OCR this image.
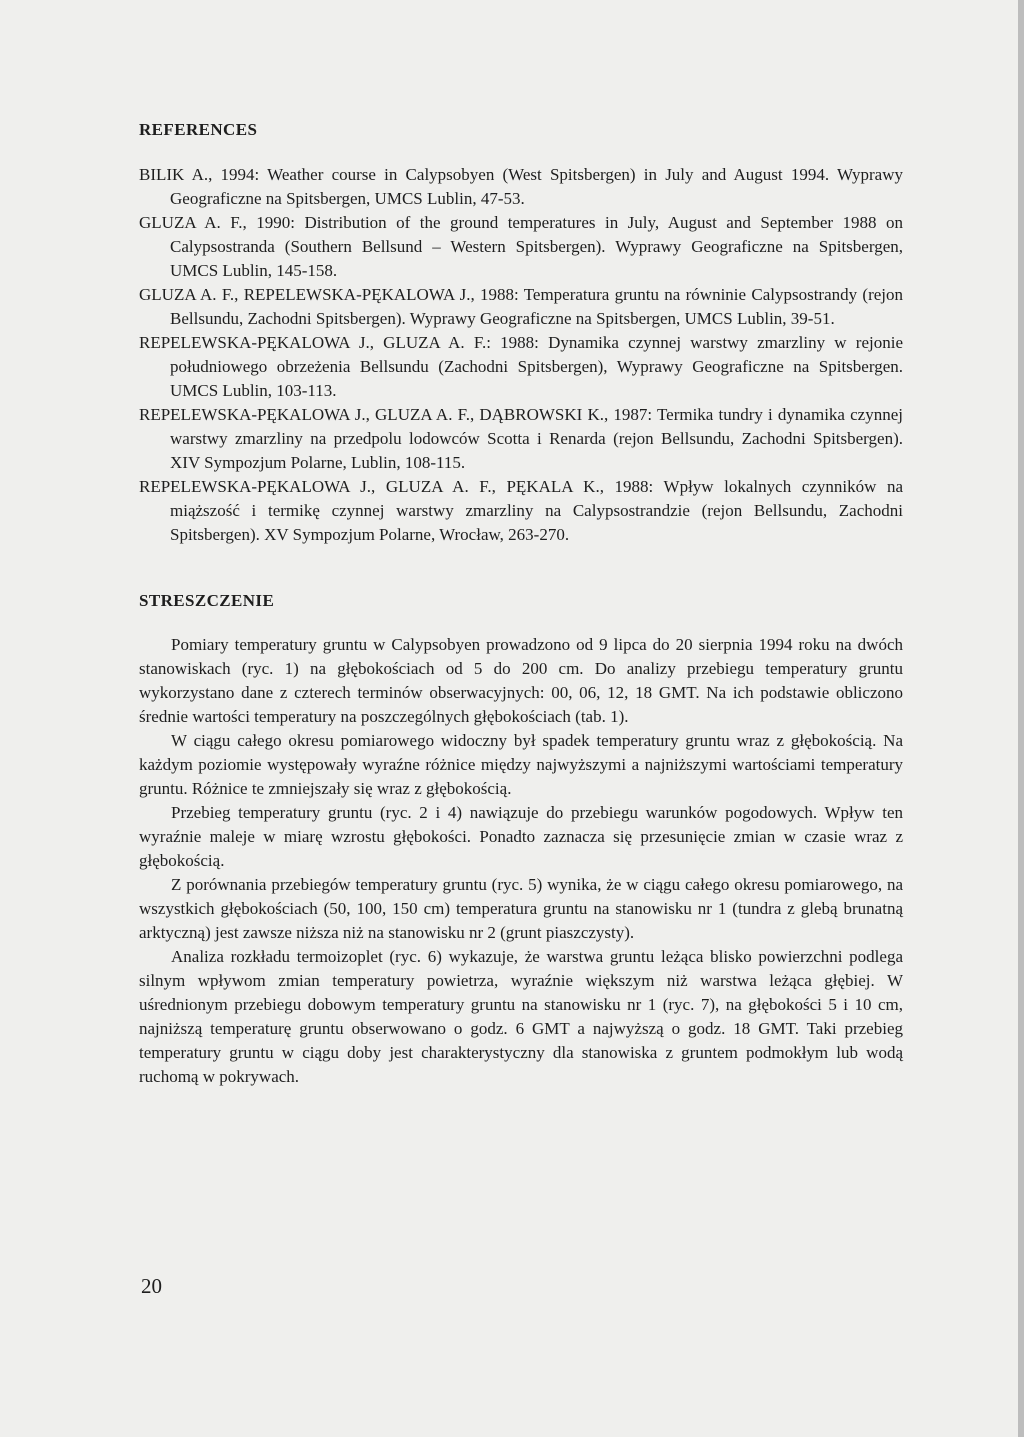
REFERENCES

BILIK A., 1994: Weather course in Calypsobyen (West Spitsbergen) in July and August 1994. Wyprawy Geograficzne na Spitsbergen, UMCS Lublin, 47-53.

GLUZA A. F., 1990: Distribution of the ground temperatures in July, August and September 1988 on Calypsostranda (Southern Bellsund – Western Spitsbergen). Wyprawy Geograficzne na Spitsbergen, UMCS Lublin, 145-158.

GLUZA A. F., REPELEWSKA-PĘKALOWA J., 1988: Temperatura gruntu na równinie Calypsostrandy (rejon Bellsundu, Zachodni Spitsbergen). Wyprawy Geograficzne na Spitsbergen, UMCS Lublin, 39-51.

REPELEWSKA-PĘKALOWA J., GLUZA A. F.: 1988: Dynamika czynnej warstwy zmarzliny w rejonie południowego obrzeżenia Bellsundu (Zachodni Spitsbergen), Wyprawy Geograficzne na Spitsbergen. UMCS Lublin, 103-113.

REPELEWSKA-PĘKALOWA J., GLUZA A. F., DĄBROWSKI K., 1987: Termika tundry i dynamika czynnej warstwy zmarzliny na przedpolu lodowców Scotta i Renarda (rejon Bellsundu, Zachodni Spitsbergen). XIV Sympozjum Polarne, Lublin, 108-115.

REPELEWSKA-PĘKALOWA J., GLUZA A. F., PĘKALA K., 1988: Wpływ lokalnych czynników na miąższość i termikę czynnej warstwy zmarzliny na Calypsostrandzie (rejon Bellsundu, Zachodni Spitsbergen). XV Sympozjum Polarne, Wrocław, 263-270.

STRESZCZENIE

Pomiary temperatury gruntu w Calypsobyen prowadzono od 9 lipca do 20 sierpnia 1994 roku na dwóch stanowiskach (ryc. 1) na głębokościach od 5 do 200 cm. Do analizy przebiegu temperatury gruntu wykorzystano dane z czterech terminów obserwacyjnych: 00, 06, 12, 18 GMT. Na ich podstawie obliczono średnie wartości temperatury na poszczególnych głębokościach (tab. 1).

W ciągu całego okresu pomiarowego widoczny był spadek temperatury gruntu wraz z głębokością. Na każdym poziomie występowały wyraźne różnice między najwyższymi a najniższymi wartościami temperatury gruntu. Różnice te zmniejszały się wraz z głębokością.

Przebieg temperatury gruntu (ryc. 2 i 4) nawiązuje do przebiegu warunków pogodowych. Wpływ ten wyraźnie maleje w miarę wzrostu głębokości. Ponadto zaznacza się przesunięcie zmian w czasie wraz z głębokością.

Z porównania przebiegów temperatury gruntu (ryc. 5) wynika, że w ciągu całego okresu pomiarowego, na wszystkich głębokościach (50, 100, 150 cm) temperatura gruntu na stanowisku nr 1 (tundra z glebą brunatną arktyczną) jest zawsze niższa niż na stanowisku nr 2 (grunt piaszczysty).

Analiza rozkładu termoizoplet (ryc. 6) wykazuje, że warstwa gruntu leżąca blisko powierzchni podlega silnym wpływom zmian temperatury powietrza, wyraźnie większym niż warstwa leżąca głębiej. W uśrednionym przebiegu dobowym temperatury gruntu na stanowisku nr 1 (ryc. 7), na głębokości 5 i 10 cm, najniższą temperaturę gruntu obserwowano o godz. 6 GMT a najwyższą o godz. 18 GMT. Taki przebieg temperatury gruntu w ciągu doby jest charakterystyczny dla stanowiska z gruntem podmokłym lub wodą ruchomą w pokrywach.

20
